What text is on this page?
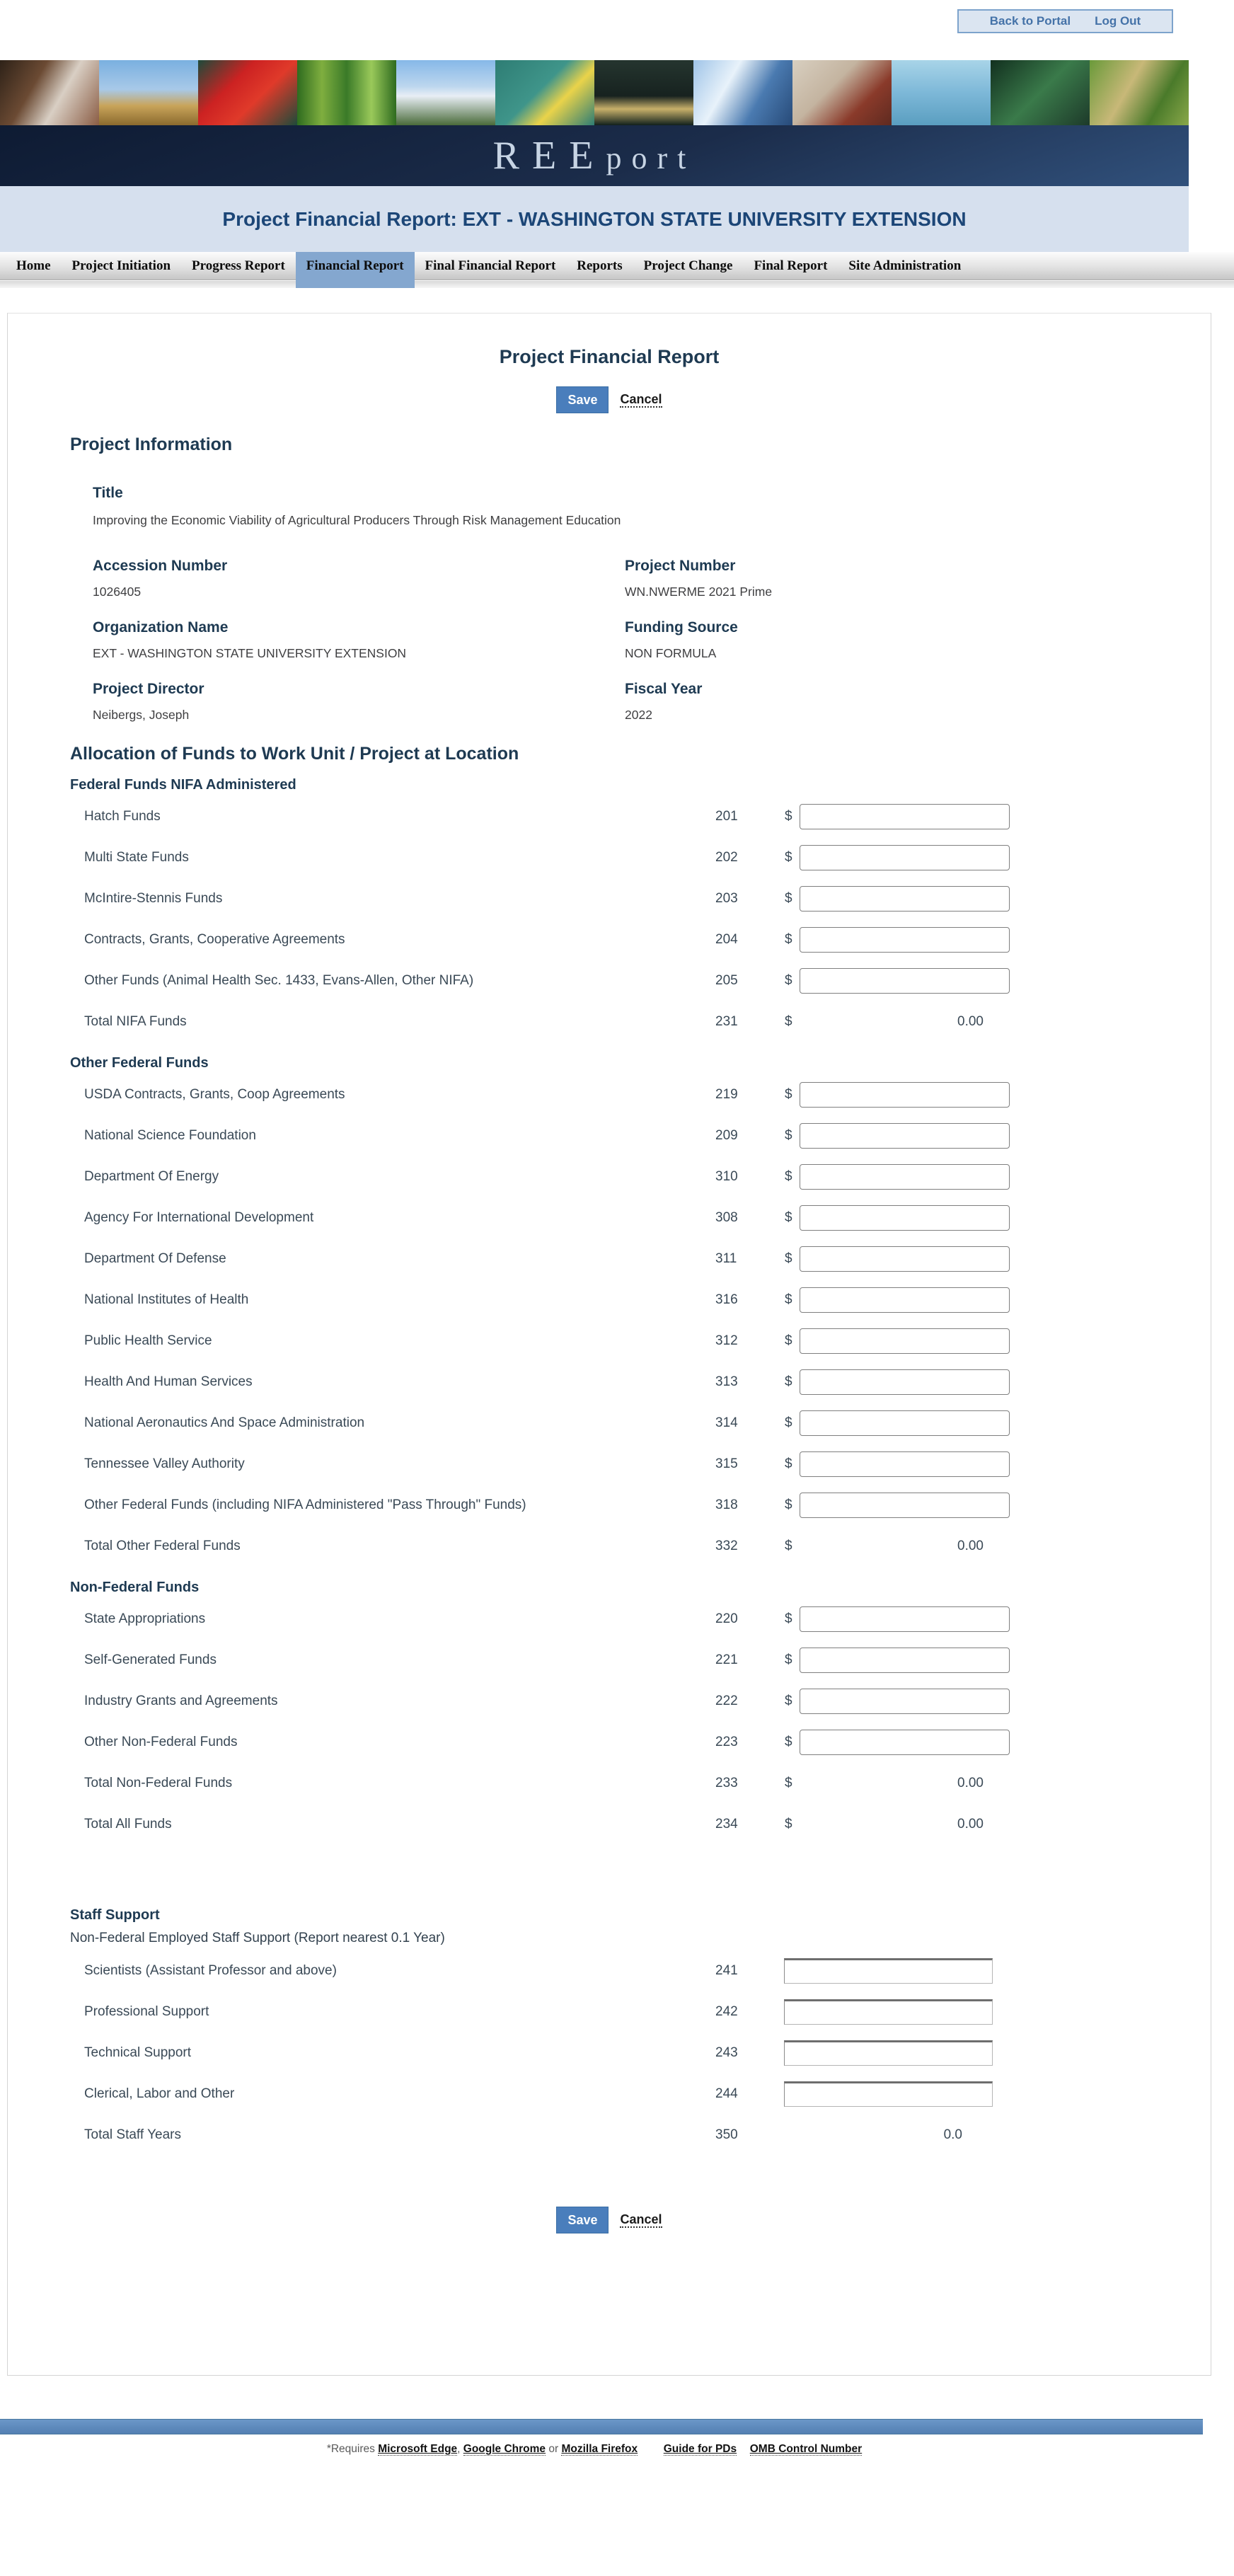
Back to Portal Log Out
REEport
Project Financial Report: EXT - WASHINGTON STATE UNIVERSITY EXTENSION
Home	Project Initiation	Progress Report	Financial Report	Final Financial Report	Reports	Project Change	Final Report	Site Administration
Project Financial Report
Save	Cancel
Project Information
Title
Improving the Economic Viability of Agricultural Producers Through Risk Management Education
Accession Number
1026405
Project Number
WN.NWERME 2021 Prime
Organization Name
EXT - WASHINGTON STATE UNIVERSITY EXTENSION
Funding Source
NON FORMULA
Project Director
Neibergs, Joseph
Fiscal Year
2022
Allocation of Funds to Work Unit / Project at Location
Federal Funds NIFA Administered
Hatch Funds	201	$
Multi State Funds	202	$
McIntire-Stennis Funds	203	$
Contracts, Grants, Cooperative Agreements	204	$
Other Funds (Animal Health Sec. 1433, Evans-Allen, Other NIFA)	205	$
Total NIFA Funds	231	$	0.00
Other Federal Funds
USDA Contracts, Grants, Coop Agreements	219	$
National Science Foundation	209	$
Department Of Energy	310	$
Agency For International Development	308	$
Department Of Defense	311	$
National Institutes of Health	316	$
Public Health Service	312	$
Health And Human Services	313	$
National Aeronautics And Space Administration	314	$
Tennessee Valley Authority	315	$
Other Federal Funds (including NIFA Administered "Pass Through" Funds)	318	$
Total Other Federal Funds	332	$	0.00
Non-Federal Funds
State Appropriations	220	$
Self-Generated Funds	221	$
Industry Grants and Agreements	222	$
Other Non-Federal Funds	223	$
Total Non-Federal Funds	233	$	0.00
Total All Funds	234	$	0.00
Staff Support
Non-Federal Employed Staff Support (Report nearest 0.1 Year)
Scientists (Assistant Professor and above)	241
Professional Support	242
Technical Support	243
Clerical, Labor and Other	244
Total Staff Years	350	0.0
Save	Cancel
*Requires Microsoft Edge, Google Chrome or Mozilla Firefox Guide for PDs OMB Control Number
